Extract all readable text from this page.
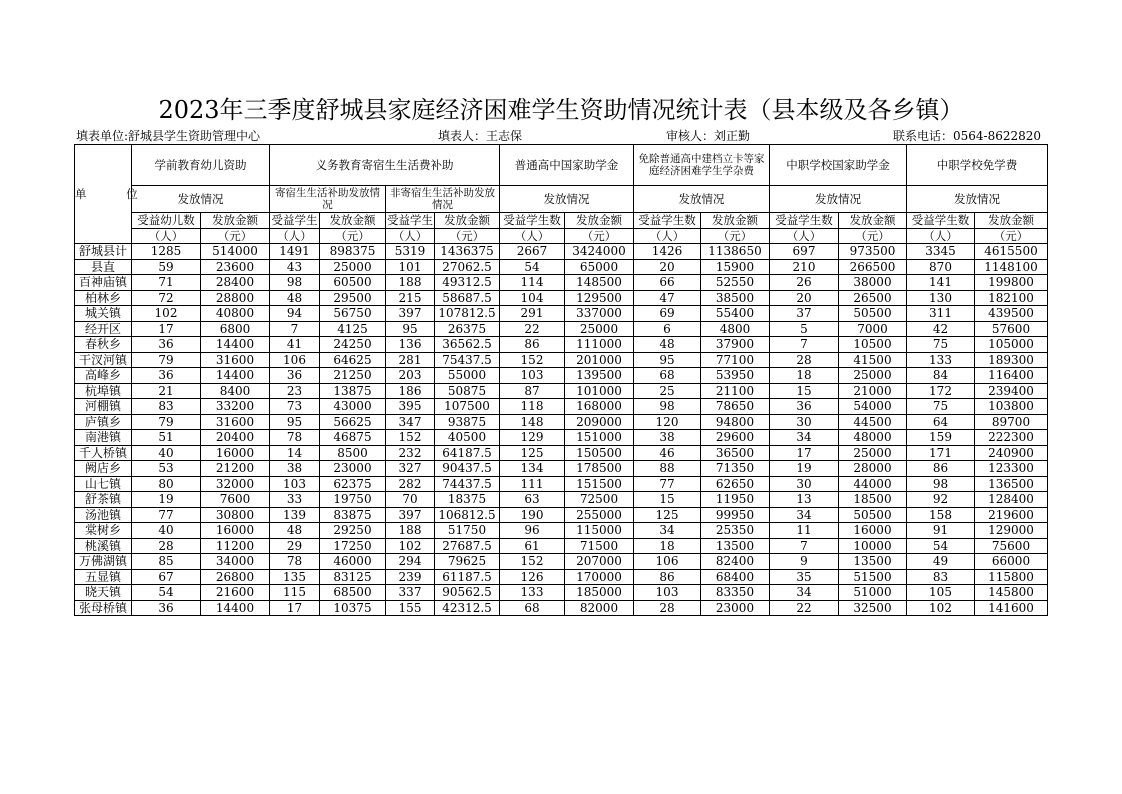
2023年三季度舒城县家庭经济困难学生资助情况统计表（县本级及各乡镇）
填表单位:舒城县学生资助管理中心	填表人：王志保	审核人：刘正勤	联系电话：0564-8622820
单 位	学前教育幼儿资助		义务教育寄宿生生活费补助				普通高中国家助学金		免除普通高中建档立卡等家庭经济困难学生学杂费		中职学校国家助学金		中职学校免学费	
	发放情况		寄宿生生活补助发放情况		非寄宿生生活补助发放情况		发放情况		发放情况		发放情况		发放情况	
	受益幼儿数	发放金额	受益学生	发放金额	受益学生	发放金额	受益学生数	发放金额	受益学生数	发放金额	受益学生数	发放金额	受益学生数	发放金额
	（人）	（元）	（人）	（元）	（人）	（元）	（人）	（元）	（人）	（元）	（人）	（元）	（人）	（元）
舒城县计	1285	514000	1491	898375	5319	1436375	2667	3424000	1426	1138650	697	973500	3345	4615500
县直	59	23600	43	25000	101	27062.5	54	65000	20	15900	210	266500	870	1148100
百神庙镇	71	28400	98	60500	188	49312.5	114	148500	66	52550	26	38000	141	199800
柏林乡	72	28800	48	29500	215	58687.5	104	129500	47	38500	20	26500	130	182100
城关镇	102	40800	94	56750	397	107812.5	291	337000	69	55400	37	50500	311	439500
经开区	17	6800	7	4125	95	26375	22	25000	6	4800	5	7000	42	57600
春秋乡	36	14400	41	24250	136	36562.5	86	111000	48	37900	7	10500	75	105000
干汊河镇	79	31600	106	64625	281	75437.5	152	201000	95	77100	28	41500	133	189300
高峰乡	36	14400	36	21250	203	55000	103	139500	68	53950	18	25000	84	116400
杭埠镇	21	8400	23	13875	186	50875	87	101000	25	21100	15	21000	172	239400
河棚镇	83	33200	73	43000	395	107500	118	168000	98	78650	36	54000	75	103800
庐镇乡	79	31600	95	56625	347	93875	148	209000	120	94800	30	44500	64	89700
南港镇	51	20400	78	46875	152	40500	129	151000	38	29600	34	48000	159	222300
千人桥镇	40	16000	14	8500	232	64187.5	125	150500	46	36500	17	25000	171	240900
阙店乡	53	21200	38	23000	327	90437.5	134	178500	88	71350	19	28000	86	123300
山七镇	80	32000	103	62375	282	74437.5	111	151500	77	62650	30	44000	98	136500
舒茶镇	19	7600	33	19750	70	18375	63	72500	15	11950	13	18500	92	128400
汤池镇	77	30800	139	83875	397	106812.5	190	255000	125	99950	34	50500	158	219600
棠树乡	40	16000	48	29250	188	51750	96	115000	34	25350	11	16000	91	129000
桃溪镇	28	11200	29	17250	102	27687.5	61	71500	18	13500	7	10000	54	75600
万佛湖镇	85	34000	78	46000	294	79625	152	207000	106	82400	9	13500	49	66000
五显镇	67	26800	135	83125	239	61187.5	126	170000	86	68400	35	51500	83	115800
晓天镇	54	21600	115	68500	337	90562.5	133	185000	103	83350	34	51000	105	145800
张母桥镇	36	14400	17	10375	155	42312.5	68	82000	28	23000	22	32500	102	141600
